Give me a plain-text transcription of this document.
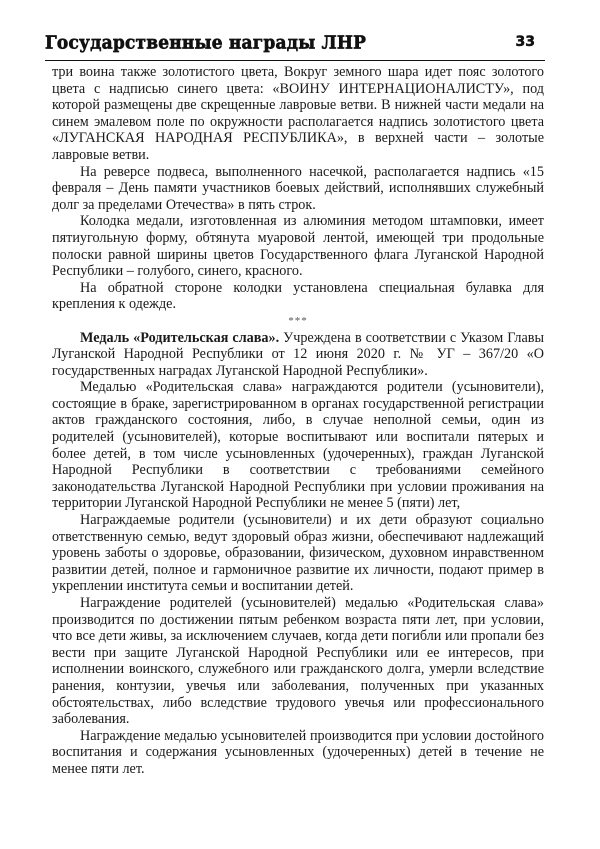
Государственные награды ЛНР	33

три воина также золотистого цвета, Вокруг земного шара идет пояс золотого цвета с надписью синего цвета: «ВОИНУ ИНТЕРНАЦИОНАЛИСТУ», под которой размещены две скрещенные лавровые ветви. В нижней части медали на синем эмалевом поле по окружности располагается надпись золотистого цвета «ЛУГАНСКАЯ НАРОДНАЯ РЕСПУБЛИКА», в верхней части – золотые лавровые ветви.

На реверсе подвеса, выполненного насечкой, располагается надпись «15 февраля – День памяти участников боевых действий, исполнявших служебный долг за пределами Отечества» в пять строк.

Колодка медали, изготовленная из алюминия методом штамповки, имеет пятиугольную форму, обтянута муаровой лентой, имеющей три продольные полоски равной ширины цветов Государственного флага Луганской Народной Республики – голубого, синего, красного.

На обратной стороне колодки установлена специальная булавка для крепления к одежде.

***

Медаль «Родительская слава». Учреждена в соответствии с Указом Главы Луганской Народной Республики от 12 июня 2020 г. № УГ – 367/20 «О государственных наградах Луганской Народной Республики».

Медалью «Родительская слава» награждаются родители (усыновители), состоящие в браке, зарегистрированном в органах государственной регистрации актов гражданского состояния, либо, в случае неполной семьи, один из родителей (усыновителей), которые воспитывают или воспитали пятерых и более детей, в том числе усыновленных (удочеренных), граждан Луганской Народной Республики в соответствии с требованиями семейного законодательства Луганской Народной Республики при условии проживания на территории Луганской Народной Республики не менее 5 (пяти) лет,

Награждаемые родители (усыновители) и их дети образуют социально ответственную семью, ведут здоровый образ жизни, обеспечивают надлежащий уровень заботы о здоровье, образовании, физическом, духовном инравственном развитии детей, полное и гармоничное развитие их личности, подают пример в укреплении института семьи и воспитании детей.

Награждение родителей (усыновителей) медалью «Родительская слава» производится по достижении пятым ребенком возраста пяти лет, при условии, что все дети живы, за исключением случаев, когда дети погибли или пропали без вести при защите Луганской Народной Республики или ее интересов, при исполнении воинского, служебного или гражданского долга, умерли вследствие ранения, контузии, увечья или заболевания, полученных при указанных обстоятельствах, либо вследствие трудового увечья или профессионального заболевания.

Награждение медалью усыновителей производится при условии достойного воспитания и содержания усыновленных (удочеренных) детей в течение не менее пяти лет.
